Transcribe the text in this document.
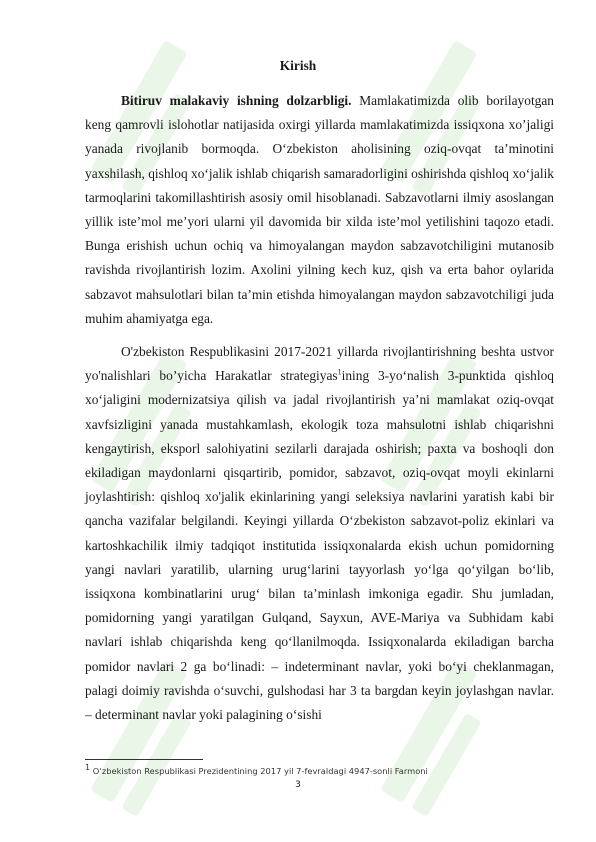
Kirish

Bitiruv malakaviy ishning dolzarbligi. Mamlakatimizda olib borilayotgan keng qamrovli islohotlar natijasida oxirgi yillarda mamlakatimizda issiqxona xo’jaligi yanada rivojlanib bormoqda. O‘zbekiston aholisining oziq-ovqat ta’minotini yaxshilash, qishloq xo‘jalik ishlab chiqarish samaradorligini oshirishda qishloq xo‘jalik tarmoqlarini takomillashtirish asosiy omil hisoblanadi. Sabzavotlarni ilmiy asoslangan yillik iste’mol me’yori ularni yil davomida bir xilda iste’mol yetilishini taqozo etadi. Bunga erishish uchun ochiq va himoyalangan maydon sabzavotchiligini mutanosib ravishda rivojlantirish lozim. Axolini yilning kech kuz, qish va erta bahor oylarida sabzavot mahsulotlari bilan ta’min etishda himoyalangan maydon sabzavotchiligi juda muhim ahamiyatga ega.

O'zbekiston Respublikasini 2017-2021 yillarda rivojlantirishning beshta ustvor yo'nalishlari bo’yicha Harakatlar strategiyas$^1$ining 3-yo‘nalish 3-punktida qishloq xo‘jaligini modernizatsiya qilish va jadal rivojlantirish ya’ni mamlakat oziq-ovqat xavfsizligini yanada mustahkamlash, ekologik toza mahsulotni ishlab chiqarishni kengaytirish, eksporl salohiyatini sezilarli darajada oshirish; paxta va boshoqli don ekiladigan maydonlarni qisqartirib, pomidor, sabzavot, oziq-ovqat moyli ekinlarni joylashtirish: qishloq xo'jalik ekinlarining yangi seleksiya navlarini yaratish kabi bir qancha vazifalar belgilandi. Keyingi yillarda O‘zbekiston sabzavot-poliz ekinlari va kartoshkachilik ilmiy tadqiqot institutida issiqxonalarda ekish uchun pomidorning yangi navlari yaratilib, ularning urug‘larini tayyorlash yo‘lga qo‘yilgan bo‘lib, issiqxona kombinatlarini urug‘ bilan ta’minlash imkoniga egadir. Shu jumladan, pomidorning yangi yaratilgan Gulqand, Sayxun, AVE-Mariya va Subhidam kabi navlari ishlab chiqarishda keng qo‘llanilmoqda. Issiqxonalarda ekiladigan barcha pomidor navlari 2 ga bo‘linadi: – indeterminant navlar, yoki bo‘yi cheklanmagan, palagi doimiy ravishda o‘suvchi, gulshodasi har 3 ta bargdan keyin joylashgan navlar. – determinant navlar yoki palagining o‘sishi

$^1$ O‘zbekiston Respublikasi Prezidentining 2017 yil 7-fevraldagi 4947-sonli Farmoni
3
